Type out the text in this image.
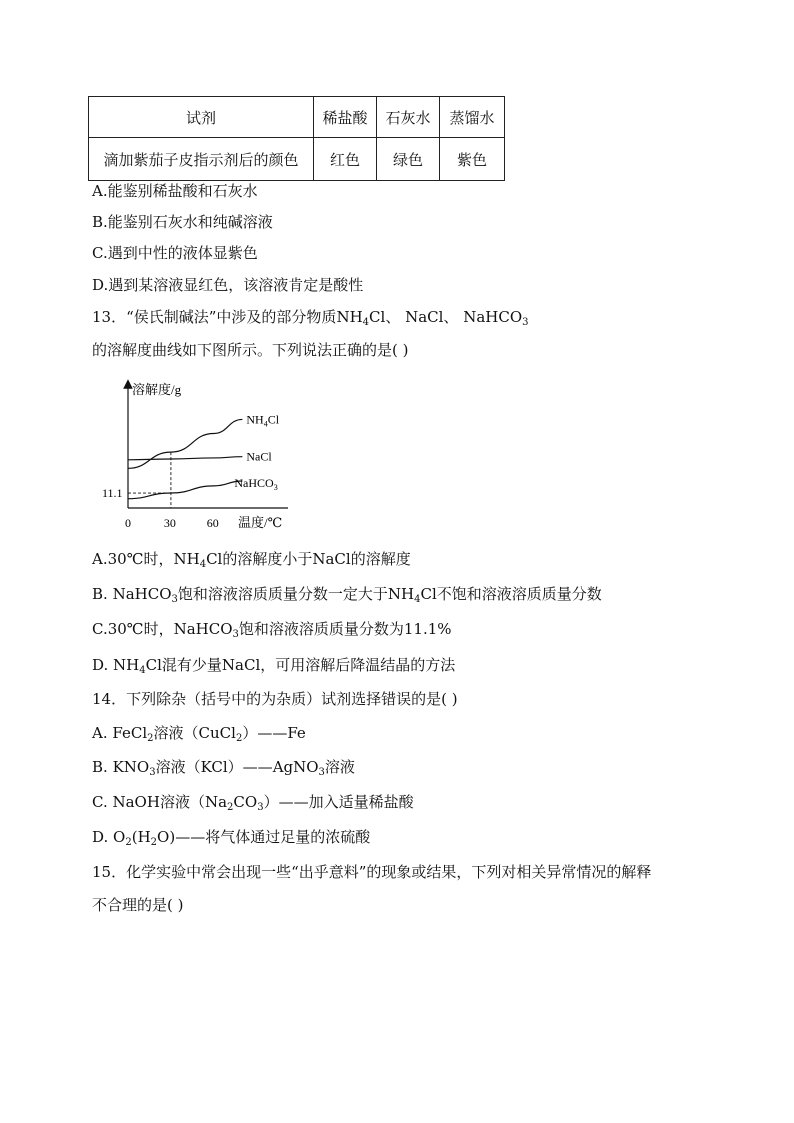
试剂	稀盐酸	石灰水	蒸馏水
滴加紫茄子皮指示剂后的颜色	红色	绿色	紫色
A.能鉴别稀盐酸和石灰水
B.能鉴别石灰水和纯碱溶液
C.遇到中性的液体显紫色
D.遇到某溶液显红色，该溶液肯定是酸性
13．“侯氏制碱法”中涉及的部分物质$NH_4Cl$、 NaCl、 NaHCO$_3$
的溶解度曲线如下图所示。下列说法正确的是( )
溶解度/g
温度/℃
0	30	60
11.1
$NH_4Cl$
NaCl
NaHCO$_3$
A.30℃时，$NH_4Cl$的溶解度小于NaCl的溶解度
B. NaHCO$_3$饱和溶液溶质质量分数一定大于$NH_4Cl$不饱和溶液溶质质量分数
C.30℃时，NaHCO$_3$饱和溶液溶质质量分数为11.1%
D. $NH_4Cl$混有少量NaCl，可用溶解后降温结晶的方法
14．下列除杂（括号中的为杂质）试剂选择错误的是( )
A. FeCl$_2$溶液（CuCl$_2$）——Fe
B. $KNO_3$溶液（KCl）——AgNO$_3$溶液
C. NaOH溶液$(Na_2CO_3)——$加入适量稀盐酸
D. $O_2(H_2O)——$将气体通过足量的浓硫酸
15．化学实验中常会出现一些“出乎意料”的现象或结果，下列对相关异常情况的解释
不合理的是( )
